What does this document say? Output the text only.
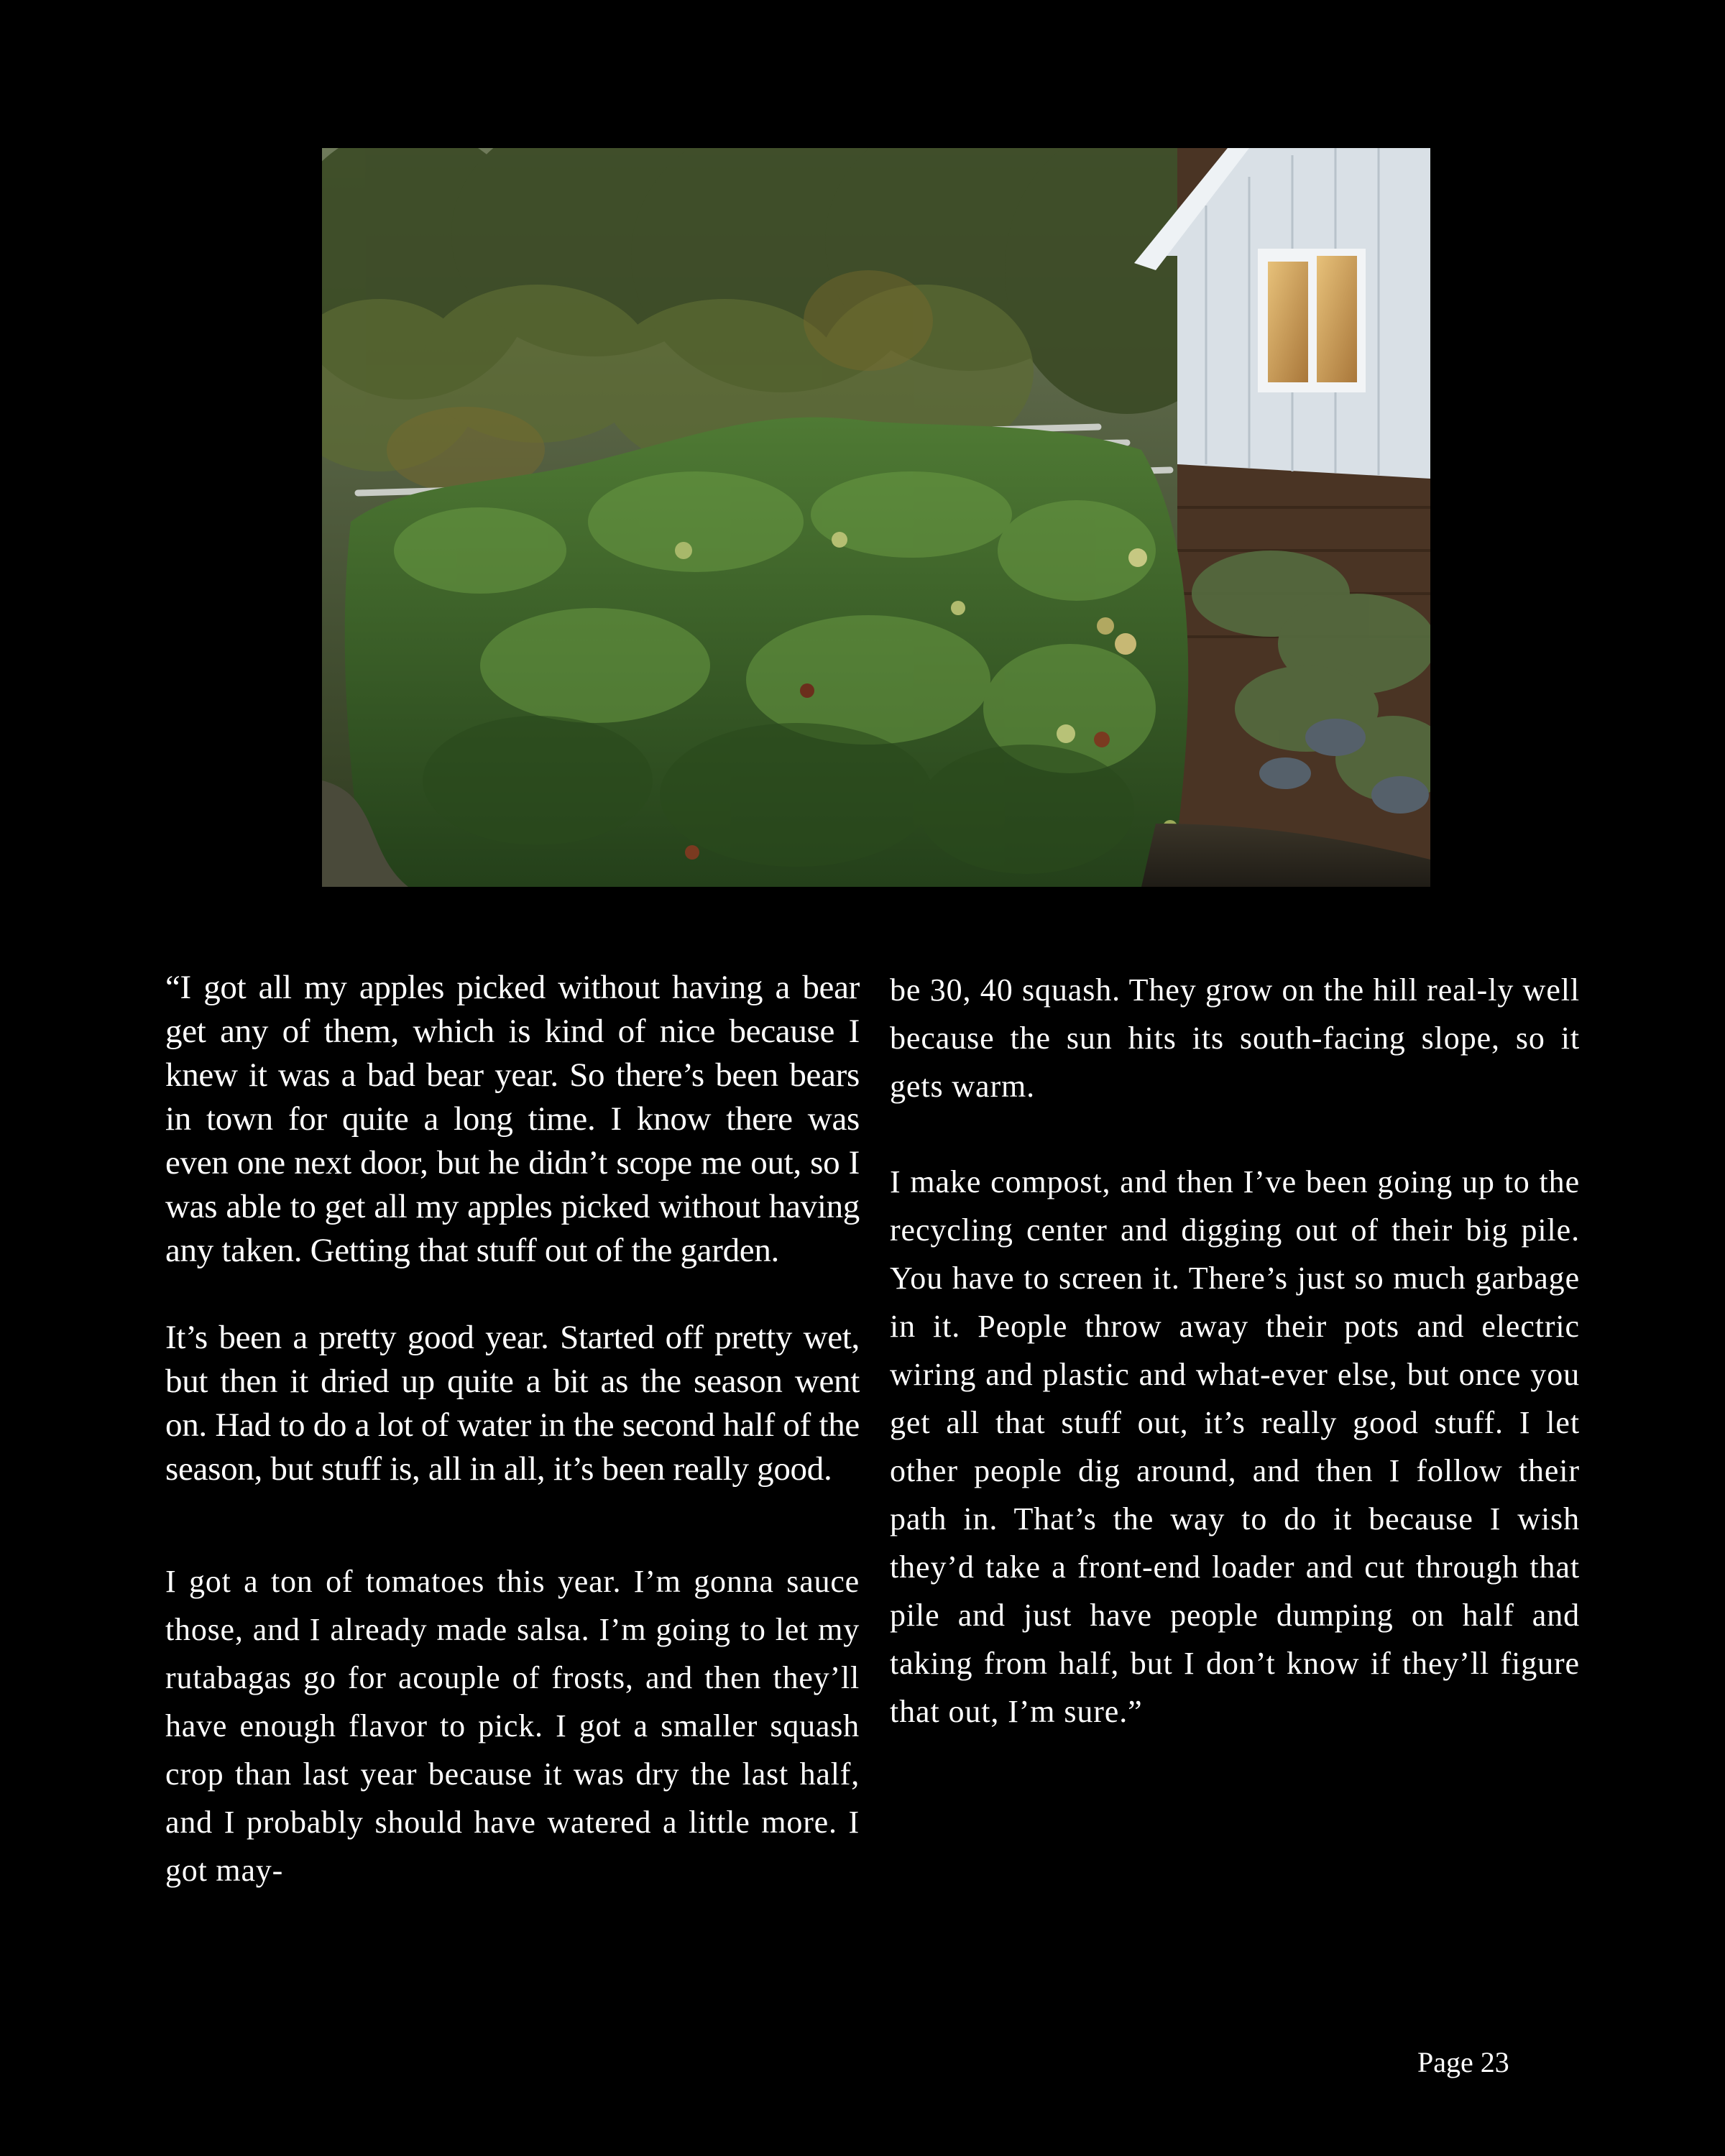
“I got all my apples picked without having a bear get any of them, which is kind of nice because I knew it was a bad bear year. So there’s been bears in town for quite a long time. I know there was even one next door, but he didn’t scope me out, so I was able to get all my apples picked without having any taken. Getting that stuff out of the garden.

It’s been a pretty good year. Started off pretty wet, but then it dried up quite a bit as the season went on. Had to do a lot of water in the second half of the season, but stuff is, all in all, it’s been really good.

I got a ton of tomatoes this year. I’m gonna sauce those, and I already made salsa. I’m going to let my rutabagas go for acouple of frosts, and then they’ll have enough flavor to pick. I got a smaller squash crop than last year because it was dry the last half, and I probably should have watered a little more. I got may-

be 30, 40 squash. They grow on the hill real-ly well because the sun hits its south-facing slope, so it gets warm.

I make compost, and then I’ve been going up to the recycling center and digging out of their big pile. You have to screen it. There’s just so much garbage in it. People throw away their pots and electric wiring and plastic and what-ever else, but once you get all that stuff out, it’s really good stuff. I let other people dig around, and then I follow their path in. That’s the way to do it because I wish they’d take a front-end loader and cut through that pile and just have people dumping on half and taking from half, but I don’t know if they’ll figure that out, I’m sure.”

Page 23
